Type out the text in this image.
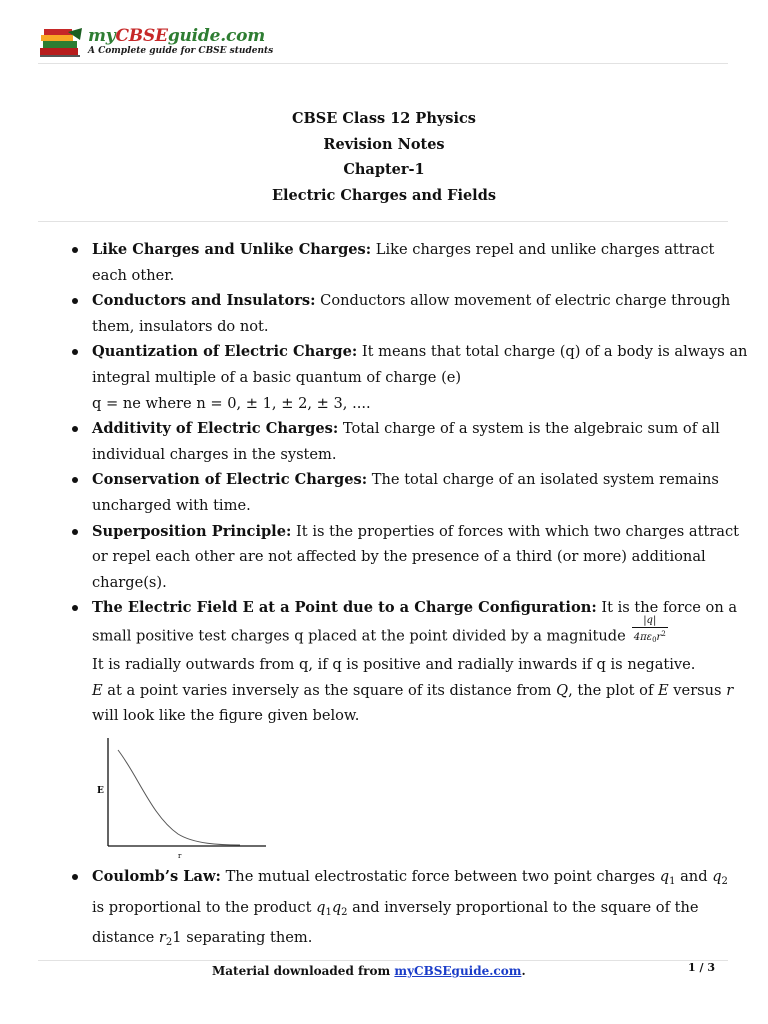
myCBSEguide.com
A Complete guide for CBSE students
CBSE Class 12 Physics
Revision Notes
Chapter-1
Electric Charges and Fields
Like Charges and Unlike Charges: Like charges repel and unlike charges attract
each other.
Conductors and Insulators: Conductors allow movement of electric charge through
them, insulators do not.
Quantization of Electric Charge: It means that total charge (q) of a body is always an
integral multiple of a basic quantum of charge (e)
q = ne where n = 0, ± 1, ± 2, ± 3, ....
Additivity of Electric Charges: Total charge of a system is the algebraic sum of all
individual charges in the system.
Conservation of Electric Charges: The total charge of an isolated system remains
uncharged with time.
Superposition Principle: It is the properties of forces with which two charges attract
or repel each other are not affected by the presence of a third (or more) additional
charge(s).
The Electric Field E at a Point due to a Charge Configuration: It is the force on a
small positive test charges q placed at the point divided by a magnitude $\frac{|q|}{4\pi\varepsilon_0r^2}$
It is radially outwards from q, if q is positive and radially inwards if q is negative.
E at a point varies inversely as the square of its distance from Q, the plot of E versus r
will look like the figure given below.
E
r
Coulomb’s Law: The mutual electrostatic force between two point charges $q_1$ and $q_2$
is proportional to the product $q_1q_2$ and inversely proportional to the square of the
distance $r_21$ separating them.
Material downloaded from myCBSEguide.com.	1 / 3
